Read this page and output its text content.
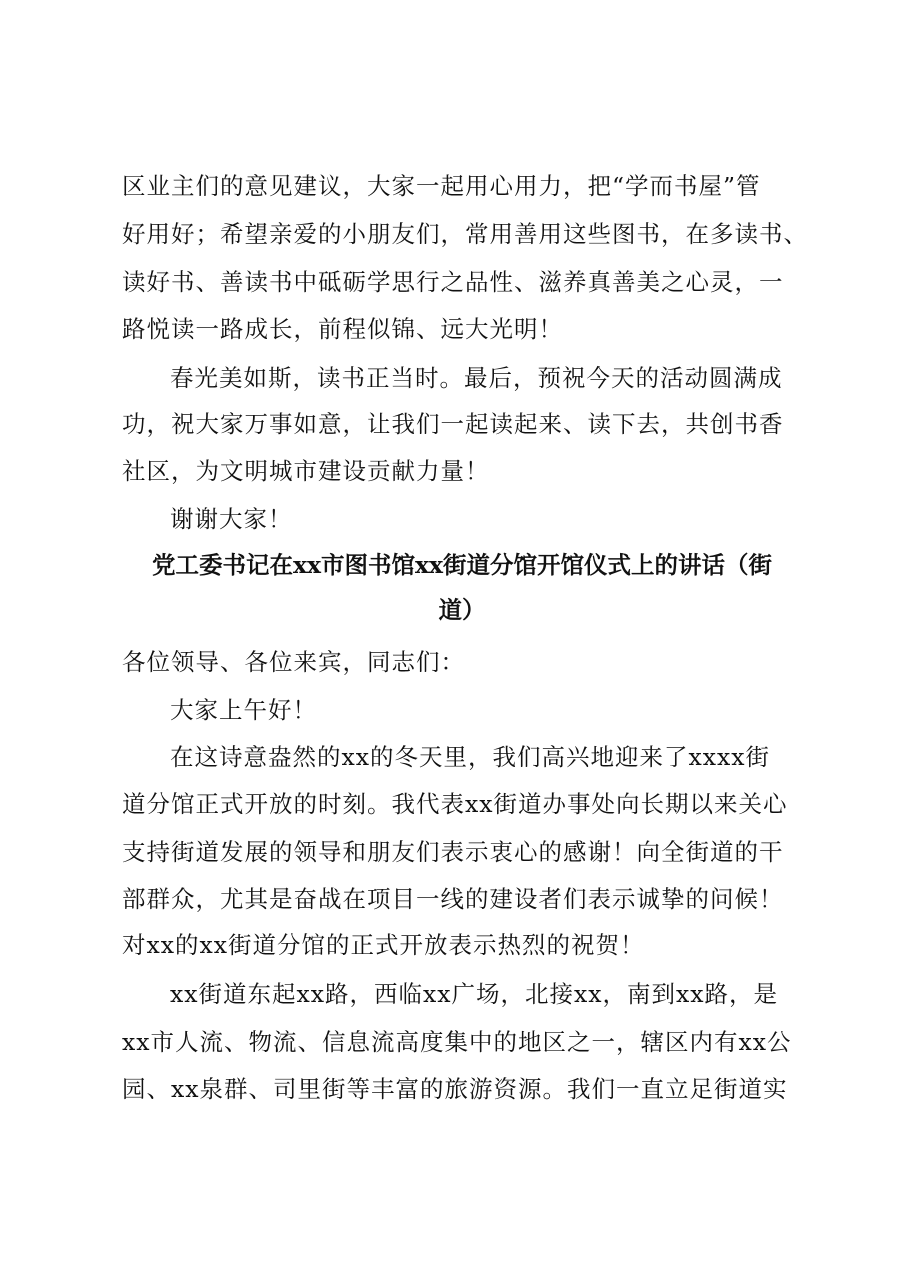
区业主们的意见建议，大家一起用心用力，把“学而书屋”管
好用好；希望亲爱的小朋友们，常用善用这些图书，在多读书、
读好书、善读书中砥砺学思行之品性、滋养真善美之心灵，一
路悦读一路成长，前程似锦、远大光明！
春光美如斯，读书正当时。最后，预祝今天的活动圆满成
功，祝大家万事如意，让我们一起读起来、读下去，共创书香
社区，为文明城市建设贡献力量！
谢谢大家！
党工委书记在xx市图书馆xx街道分馆开馆仪式上的讲话（街
道）
各位领导、各位来宾，同志们：
大家上午好！
在这诗意盎然的xx的冬天里，我们高兴地迎来了xxxx街
道分馆正式开放的时刻。我代表xx街道办事处向长期以来关心
支持街道发展的领导和朋友们表示衷心的感谢！向全街道的干
部群众，尤其是奋战在项目一线的建设者们表示诚挚的问候！
对xx的xx街道分馆的正式开放表示热烈的祝贺！
xx街道东起xx路，西临xx广场，北接xx，南到xx路，是
xx市人流、物流、信息流高度集中的地区之一，辖区内有xx公
园、xx泉群、司里街等丰富的旅游资源。我们一直立足街道实
